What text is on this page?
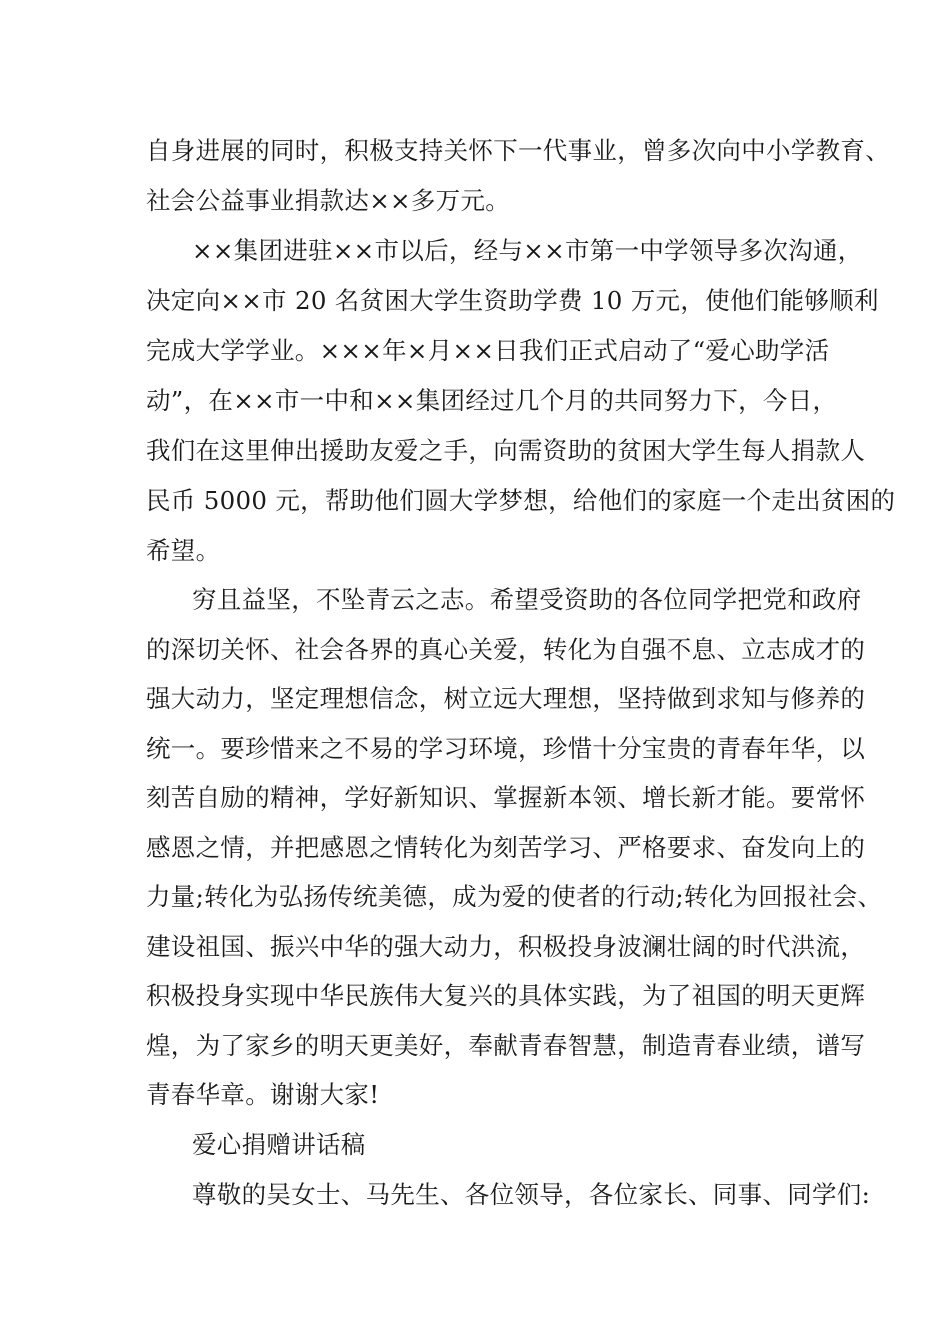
自身进展的同时，积极支持关怀下一代事业，曾多次向中小学教育、
社会公益事业捐款达××多万元。
××集团进驻××市以后，经与××市第一中学领导多次沟通，
决定向××市 20 名贫困大学生资助学费 10 万元，使他们能够顺利
完成大学学业。×××年×月××日我们正式启动了“爱心助学活
动”，在××市一中和××集团经过几个月的共同努力下，今日，
我们在这里伸出援助友爱之手，向需资助的贫困大学生每人捐款人
民币 5000 元，帮助他们圆大学梦想，给他们的家庭一个走出贫困的
希望。
穷且益坚，不坠青云之志。希望受资助的各位同学把党和政府
的深切关怀、社会各界的真心关爱，转化为自强不息、立志成才的
强大动力，坚定理想信念，树立远大理想，坚持做到求知与修养的
统一。要珍惜来之不易的学习环境，珍惜十分宝贵的青春年华，以
刻苦自励的精神，学好新知识、掌握新本领、增长新才能。要常怀
感恩之情，并把感恩之情转化为刻苦学习、严格要求、奋发向上的
力量;转化为弘扬传统美德，成为爱的使者的行动;转化为回报社会、
建设祖国、振兴中华的强大动力，积极投身波澜壮阔的时代洪流，
积极投身实现中华民族伟大复兴的具体实践，为了祖国的明天更辉
煌，为了家乡的明天更美好，奉献青春智慧，制造青春业绩，谱写
青春华章。谢谢大家!
爱心捐赠讲话稿
尊敬的吴女士、马先生、各位领导，各位家长、同事、同学们:
